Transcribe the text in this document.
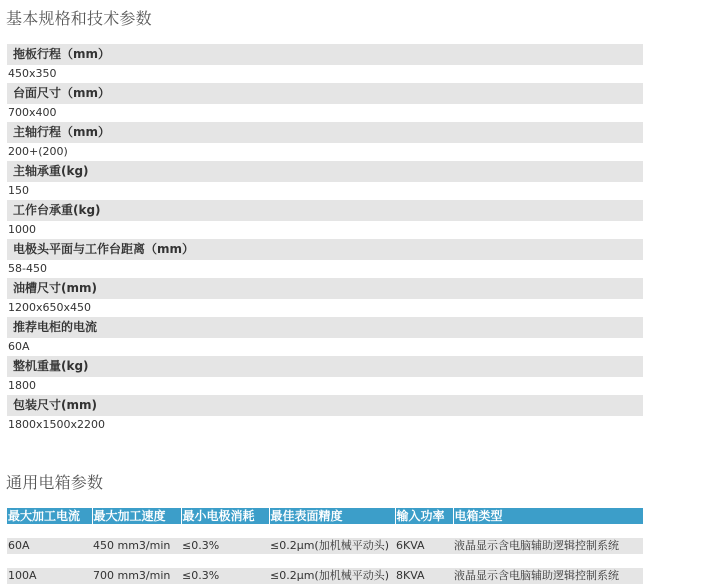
基本规格和技术参数
拖板行程（mm）
450x350
台面尺寸（mm）
700x400
主轴行程（mm）
200+(200)
主轴承重(kg)
150
工作台承重(kg)
1000
电极头平面与工作台距离（mm）
58-450
油槽尺寸(mm)
1200x650x450
推荐电柜的电流
60A
整机重量(kg)
1800
包装尺寸(mm)
1800x1500x2200
通用电箱参数
最大加工电流	最大加工速度	最小电极消耗	最佳表面精度	输入功率	电箱类型

60A	450 mm3/min	≤0.3%	≤0.2μm(加机械平动头)	6KVA	液晶显示含电脑辅助逻辑控制系统

100A	700 mm3/min	≤0.3%	≤0.2μm(加机械平动头)	8KVA	液晶显示含电脑辅助逻辑控制系统
